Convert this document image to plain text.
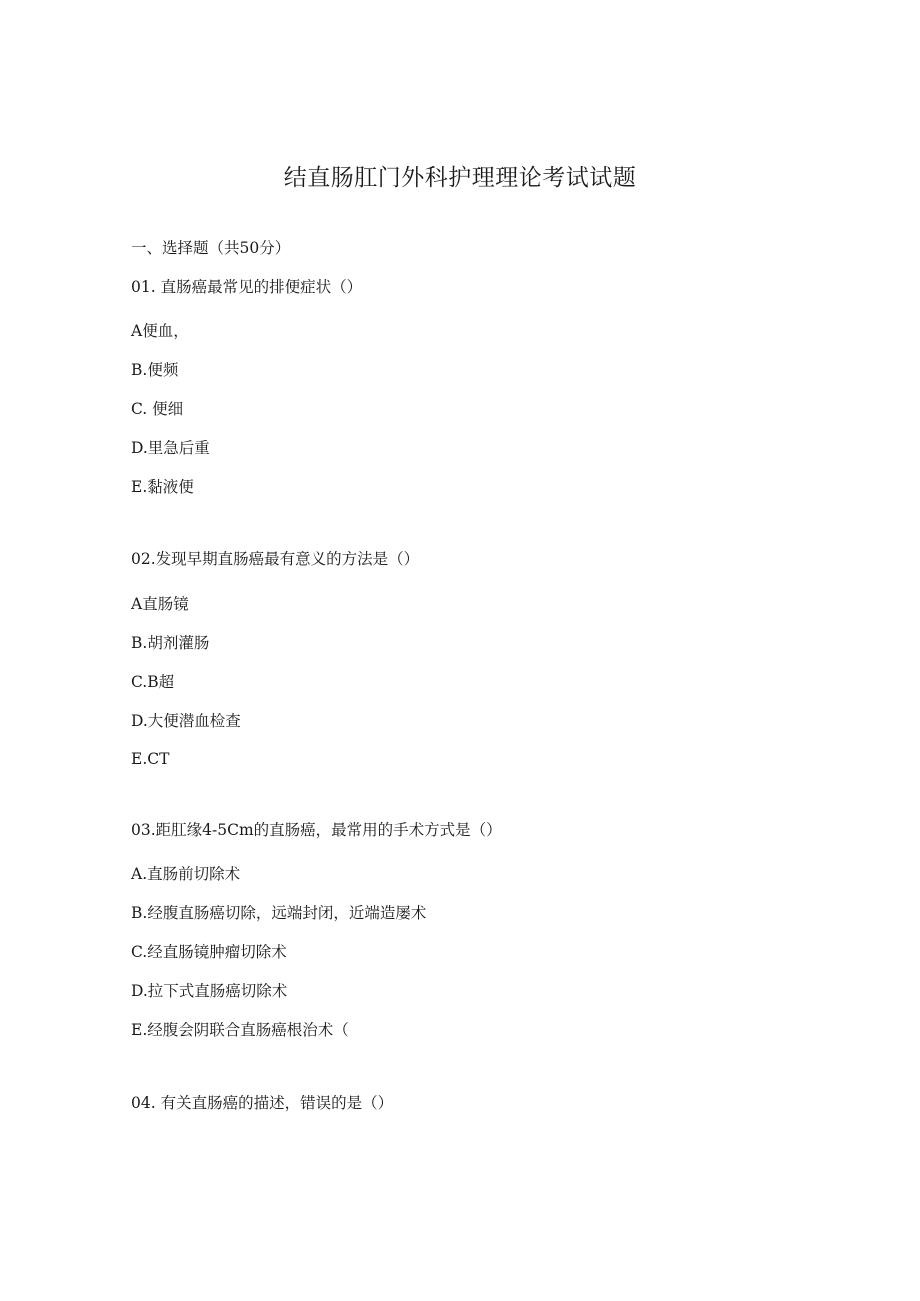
结直肠肛门外科护理理论考试试题
一、选择题（共50分）
01. 直肠癌最常见的排便症状（）
A便血，
B.便频
C. 便细
D.里急后重
E.黏液便
02.发现早期直肠癌最有意义的方法是（）
A直肠镜
B.胡剂灌肠
C.B超
D.大便潜血检查
E.CT
03.距肛缘4-5Cm的直肠癌，最常用的手术方式是（）
A.直肠前切除术
B.经腹直肠癌切除，远端封闭，近端造屡术
C.经直肠镜肿瘤切除术
D.拉下式直肠癌切除术
E.经腹会阴联合直肠癌根治术（
04. 有关直肠癌的描述，错误的是（）
